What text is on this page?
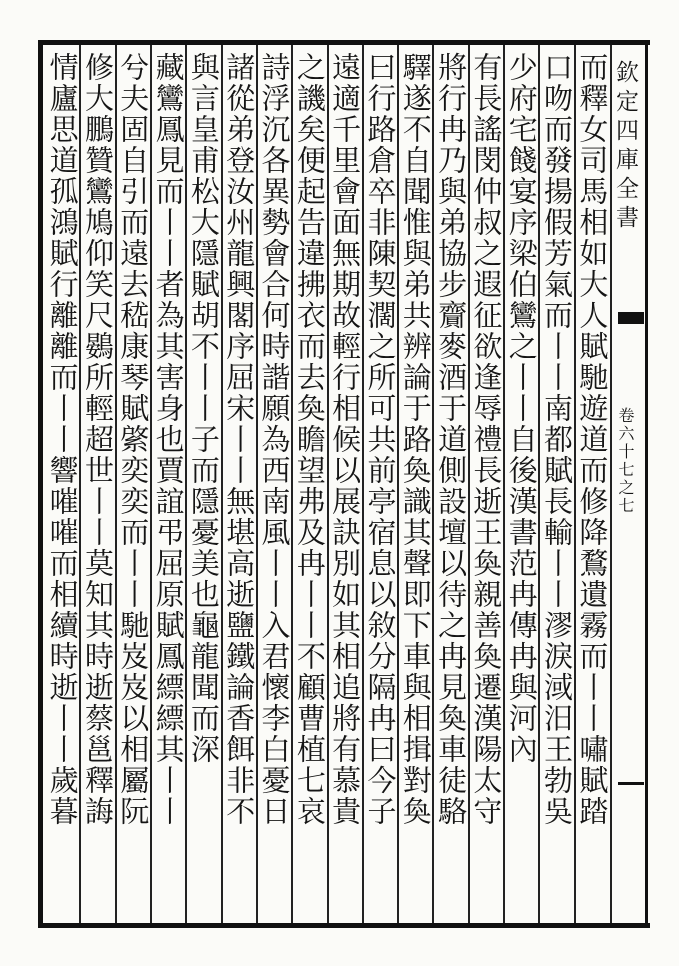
欽定四庫全書  卷六十七之七
而釋女司馬相如大人賦馳遊道而修降鶩遺霧而丨丨嘯賦踏
口吻而發揚假芳氣而丨丨南都賦長輸丨丨漻淚淢汨王勃吳
少府宅餞宴序梁伯鸞之丨丨自後漢書范冉傳冉與河內
有長謠閔仲叔之遐征欲逢辱禮長逝王奐親善奐遷漢陽太守
將行冉乃與弟協步齎麥酒于道側設壇以待之冉見奐車徒駱
驛遂不自聞惟與弟共辨論于路奐識其聲即下車與相揖對奐
曰行路倉卒非陳契濶之所可共前亭宿息以敘分隔冉曰今子
遠適千里會面無期故輕行相候以展訣別如其相追將有慕貴
之譏矣便起告違拂衣而去奐瞻望弗及冉丨丨不顧曹植七哀
詩浮沉各異勢會合何時諧願為西南風丨丨入君懷李白憂日
諸從弟登汝州龍興閣序屈宋丨丨無堪高逝鹽鐵論香餌非不
與言皇甫松大隱賦胡不丨丨子而隱憂美也龜龍聞而深
藏鸞鳳見而丨丨者為其害身也賈誼弔屈原賦鳳縹縹其丨丨
兮夫固自引而遠去嵇康琴賦綮奕奕而丨丨馳岌岌以相屬阮
修大鵬贊鸞鳩仰笑尺鷃所輕超世丨丨莫知其時逝蔡邕釋誨
情廬思道孤鴻賦行離離而丨丨響嗺嗺而相續時逝丨丨歲暮
